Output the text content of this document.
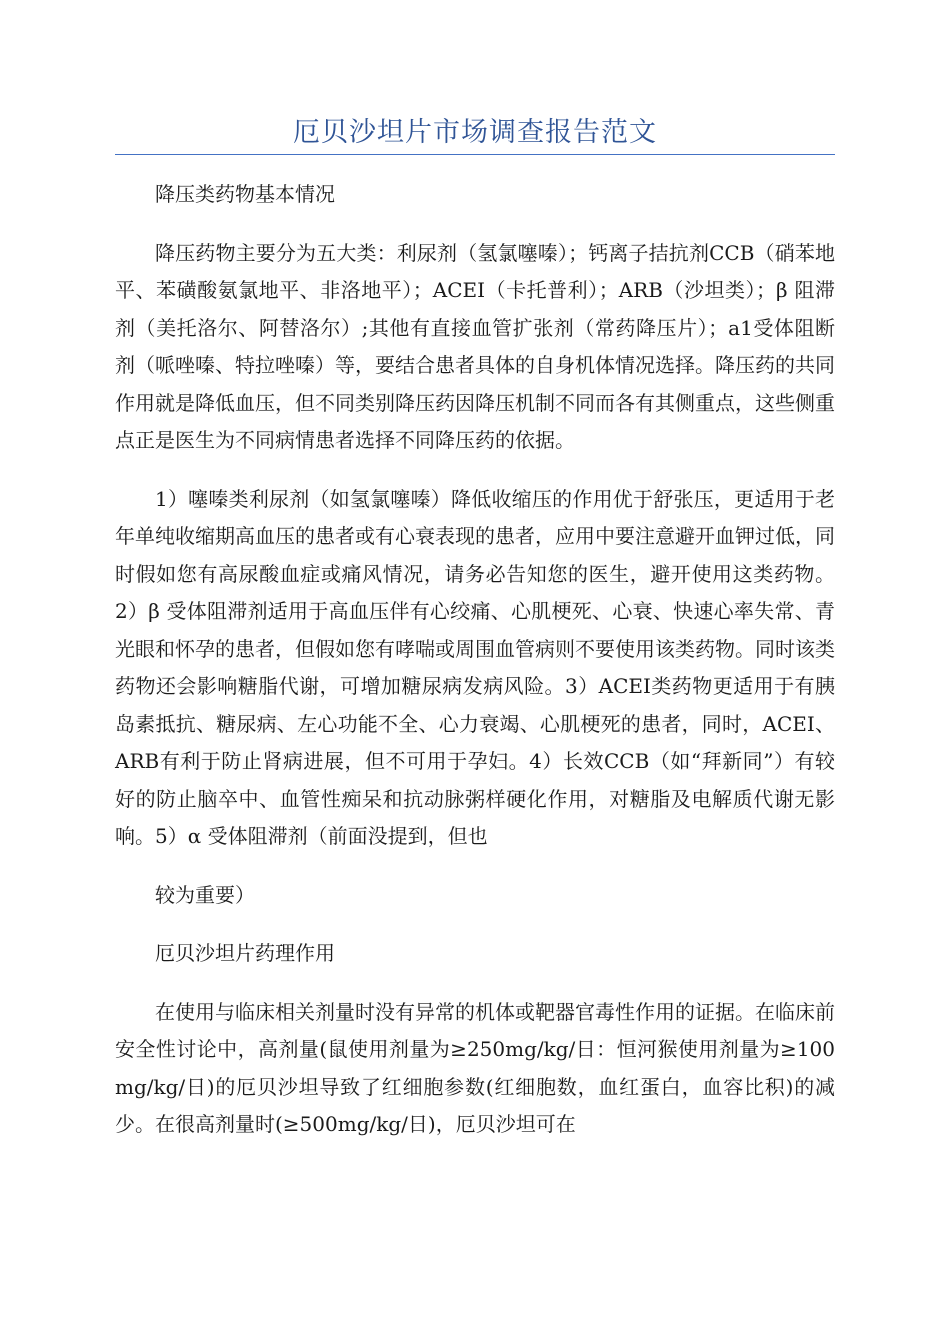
厄贝沙坦片市场调查报告范文

降压类药物基本情况

降压药物主要分为五大类：利尿剂（氢氯噻嗪）；钙离子拮抗剂CCB（硝苯地平、苯磺酸氨氯地平、非洛地平）；ACEI（卡托普利）；ARB（沙坦类）；β 阻滞剂（美托洛尔、阿替洛尔）;其他有直接血管扩张剂（常药降压片）；a1受体阻断剂（哌唑嗪、特拉唑嗪）等，要结合患者具体的自身机体情况选择。降压药的共同作用就是降低血压，但不同类别降压药因降压机制不同而各有其侧重点，这些侧重点正是医生为不同病情患者选择不同降压药的依据。

1）噻嗪类利尿剂（如氢氯噻嗪）降低收缩压的作用优于舒张压，更适用于老年单纯收缩期高血压的患者或有心衰表现的患者，应用中要注意避开血钾过低，同时假如您有高尿酸血症或痛风情况，请务必告知您的医生，避开使用这类药物。2）β 受体阻滞剂适用于高血压伴有心绞痛、心肌梗死、心衰、快速心率失常、青光眼和怀孕的患者，但假如您有哮喘或周围血管病则不要使用该类药物。同时该类药物还会影响糖脂代谢，可增加糖尿病发病风险。3）ACEI类药物更适用于有胰岛素抵抗、糖尿病、左心功能不全、心力衰竭、心肌梗死的患者，同时，ACEI、ARB有利于防止肾病进展，但不可用于孕妇。4）长效CCB（如“拜新同”）有较好的防止脑卒中、血管性痴呆和抗动脉粥样硬化作用，对糖脂及电解质代谢无影响。5）α 受体阻滞剂（前面没提到，但也

较为重要）

厄贝沙坦片药理作用

在使用与临床相关剂量时没有异常的机体或靶器官毒性作用的证据。在临床前安全性讨论中，高剂量(鼠使用剂量为≥250mg/kg/日：恒河猴使用剂量为≥100mg/kg/日)的厄贝沙坦导致了红细胞参数(红细胞数，血红蛋白，血容比积)的减少。在很高剂量时(≥500mg/kg/日)，厄贝沙坦可在
